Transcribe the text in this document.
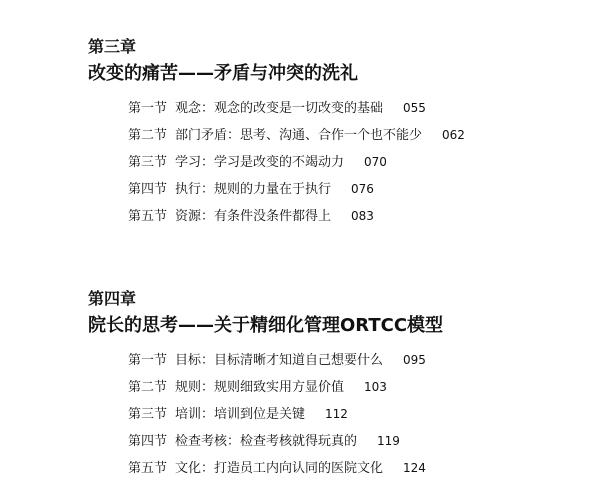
第三章
改变的痛苦——矛盾与冲突的洗礼
第一节 观念：观念的改变是一切改变的基础 055
第二节 部门矛盾：思考、沟通、合作一个也不能少 062
第三节 学习：学习是改变的不竭动力 070
第四节 执行：规则的力量在于执行 076
第五节 资源：有条件没条件都得上 083
第四章
院长的思考——关于精细化管理ORTCC模型
第一节 目标：目标清晰才知道自己想要什么 095
第二节 规则：规则细致实用方显价值 103
第三节 培训：培训到位是关键 112
第四节 检查考核：检查考核就得玩真的 119
第五节 文化：打造员工内向认同的医院文化 124
